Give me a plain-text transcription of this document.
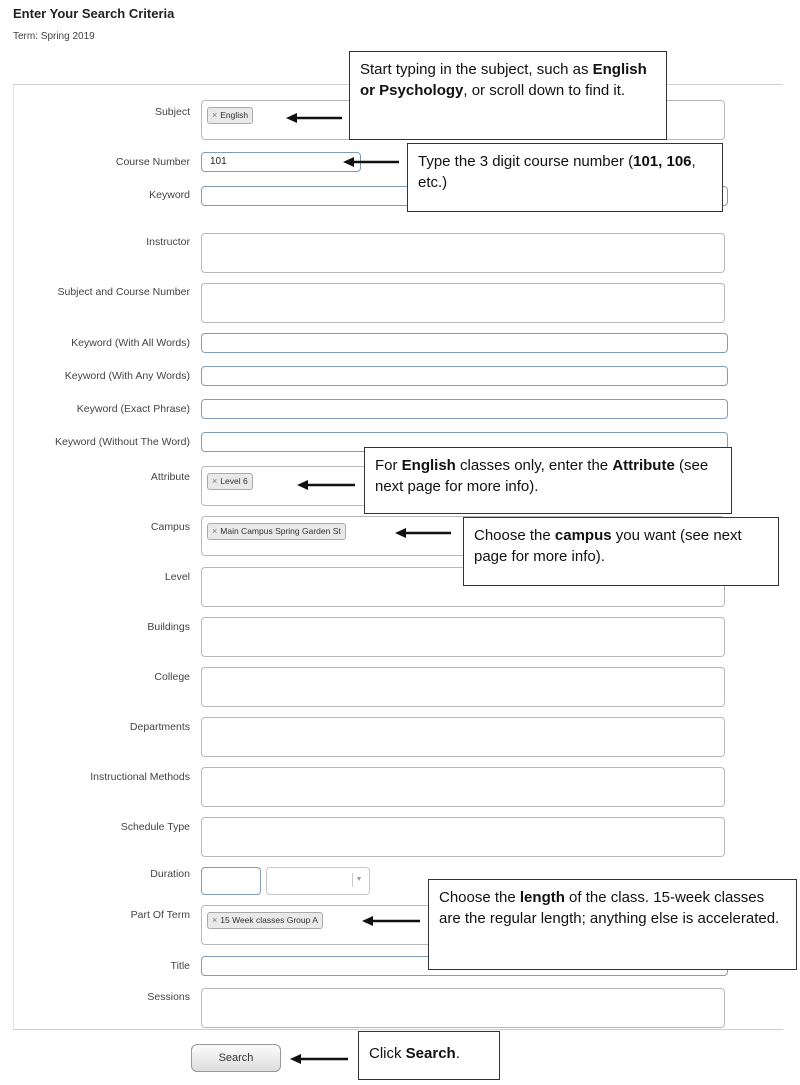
Enter Your Search Criteria
Term: Spring 2019
Subject	× English
Course Number 101
Keyword
Instructor
Subject and Course Number
Keyword (With All Words)
Keyword (With Any Words)
Keyword (Exact Phrase)
Keyword (Without The Word)
Attribute	× Level 6
Campus	× Main Campus Spring Garden St
Level
Buildings
College
Departments
Instructional Methods
Schedule Type
Duration	▼
Part Of Term	× 15 Week classes Group A
Title
Sessions
Search
Start typing in the subject, such as English or Psychology, or scroll down to find it.
Type the 3 digit course number (101, 106, etc.)
For English classes only, enter the Attribute (see next page for more info).
Choose the campus you want (see next page for more info).
Choose the length of the class. 15-week classes are the regular length; anything else is accelerated.
Click Search.
